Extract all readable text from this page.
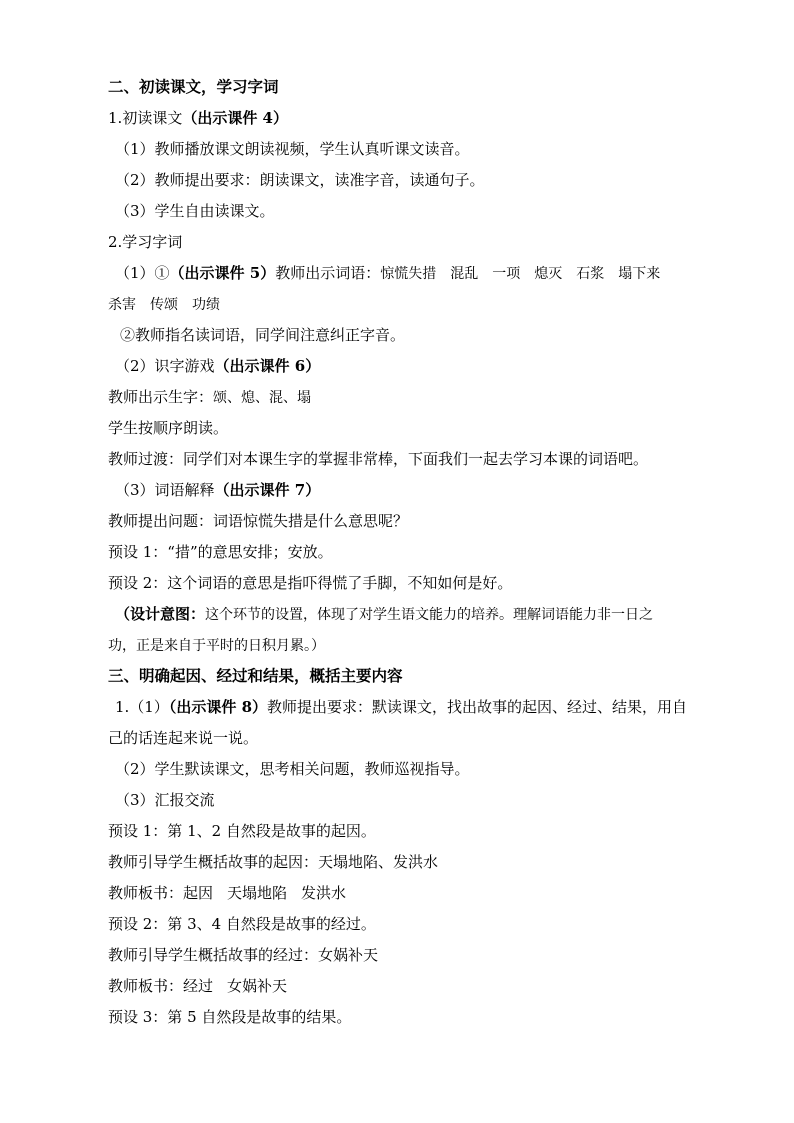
二、初读课文，学习字词
1.初读课文（出示课件 4）
（1）教师播放课文朗读视频，学生认真听课文读音。
（2）教师提出要求：朗读课文，读准字音，读通句子。
（3）学生自由读课文。
2.学习字词
（1）①（出示课件 5）教师出示词语：惊慌失措 混乱 一项 熄灭 石浆 塌下来
杀害 传颂 功绩
②教师指名读词语，同学间注意纠正字音。
（2）识字游戏（出示课件 6）
教师出示生字：颂、熄、混、塌
学生按顺序朗读。
教师过渡：同学们对本课生字的掌握非常棒，下面我们一起去学习本课的词语吧。
（3）词语解释（出示课件 7）
教师提出问题：词语惊慌失措是什么意思呢？
预设 1：“措”的意思安排；安放。
预设 2：这个词语的意思是指吓得慌了手脚，不知如何是好。
（设计意图：这个环节的设置，体现了对学生语文能力的培养。理解词语能力非一日之
功，正是来自于平时的日积月累。）
三、明确起因、经过和结果，概括主要内容
1.（1）（出示课件 8）教师提出要求：默读课文，找出故事的起因、经过、结果，用自
己的话连起来说一说。
（2）学生默读课文，思考相关问题，教师巡视指导。
（3）汇报交流
预设 1：第 1、2 自然段是故事的起因。
教师引导学生概括故事的起因：天塌地陷、发洪水
教师板书：起因 天塌地陷 发洪水
预设 2：第 3、4 自然段是故事的经过。
教师引导学生概括故事的经过：女娲补天
教师板书：经过 女娲补天
预设 3：第 5 自然段是故事的结果。
